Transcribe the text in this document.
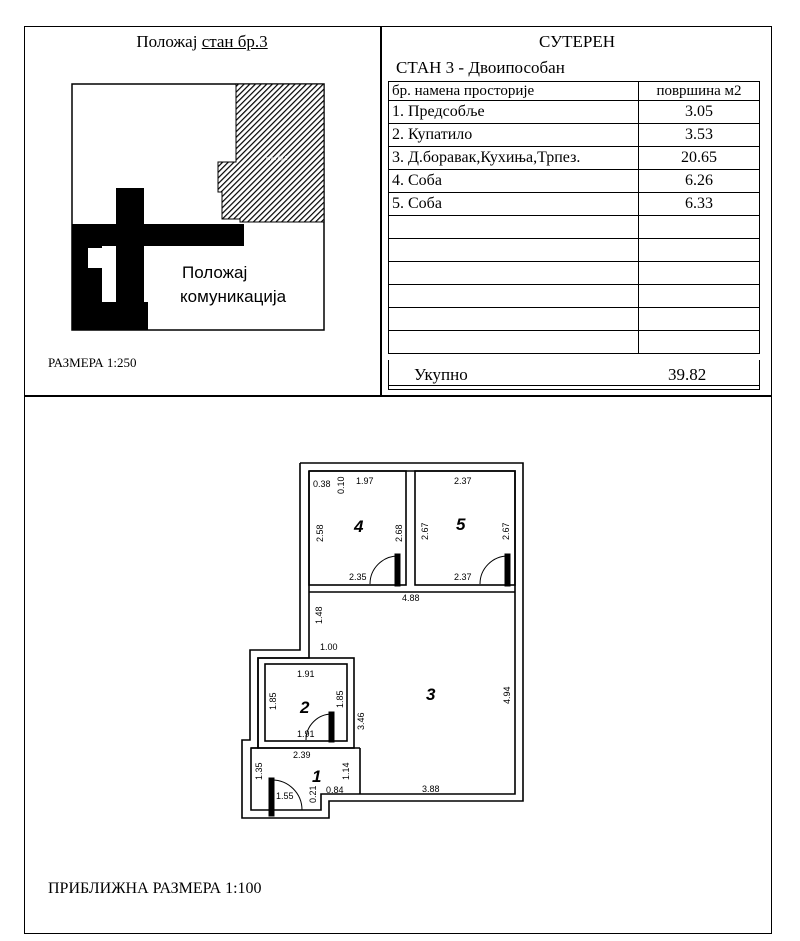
Положај стан бр.3
стан бр.3
Положај
комуникација
РАЗМЕРА 1:250
СУТЕРЕН
СТАН 3 - Двоипособан
бр. намена просторије	површина м2
1. Предсобље	3.05
2. Купатило	3.53
3. Д.боравак,Кухиња,Трпез.	20.65
4. Соба	6.26
5. Соба	6.33

Укупно	39.82
4	5
3
2
1
0.38 0.10 1.97	2.37
2.58	2.68 2.67	2.67
2.35	2.37
4.88
1.48
1.00
1.91
1.85	1.85
1.91
3.46
4.94
2.39
1.35	1.14
1.55 0.21 0.84	3.88
ПРИБЛИЖНА РАЗМЕРА 1:100
